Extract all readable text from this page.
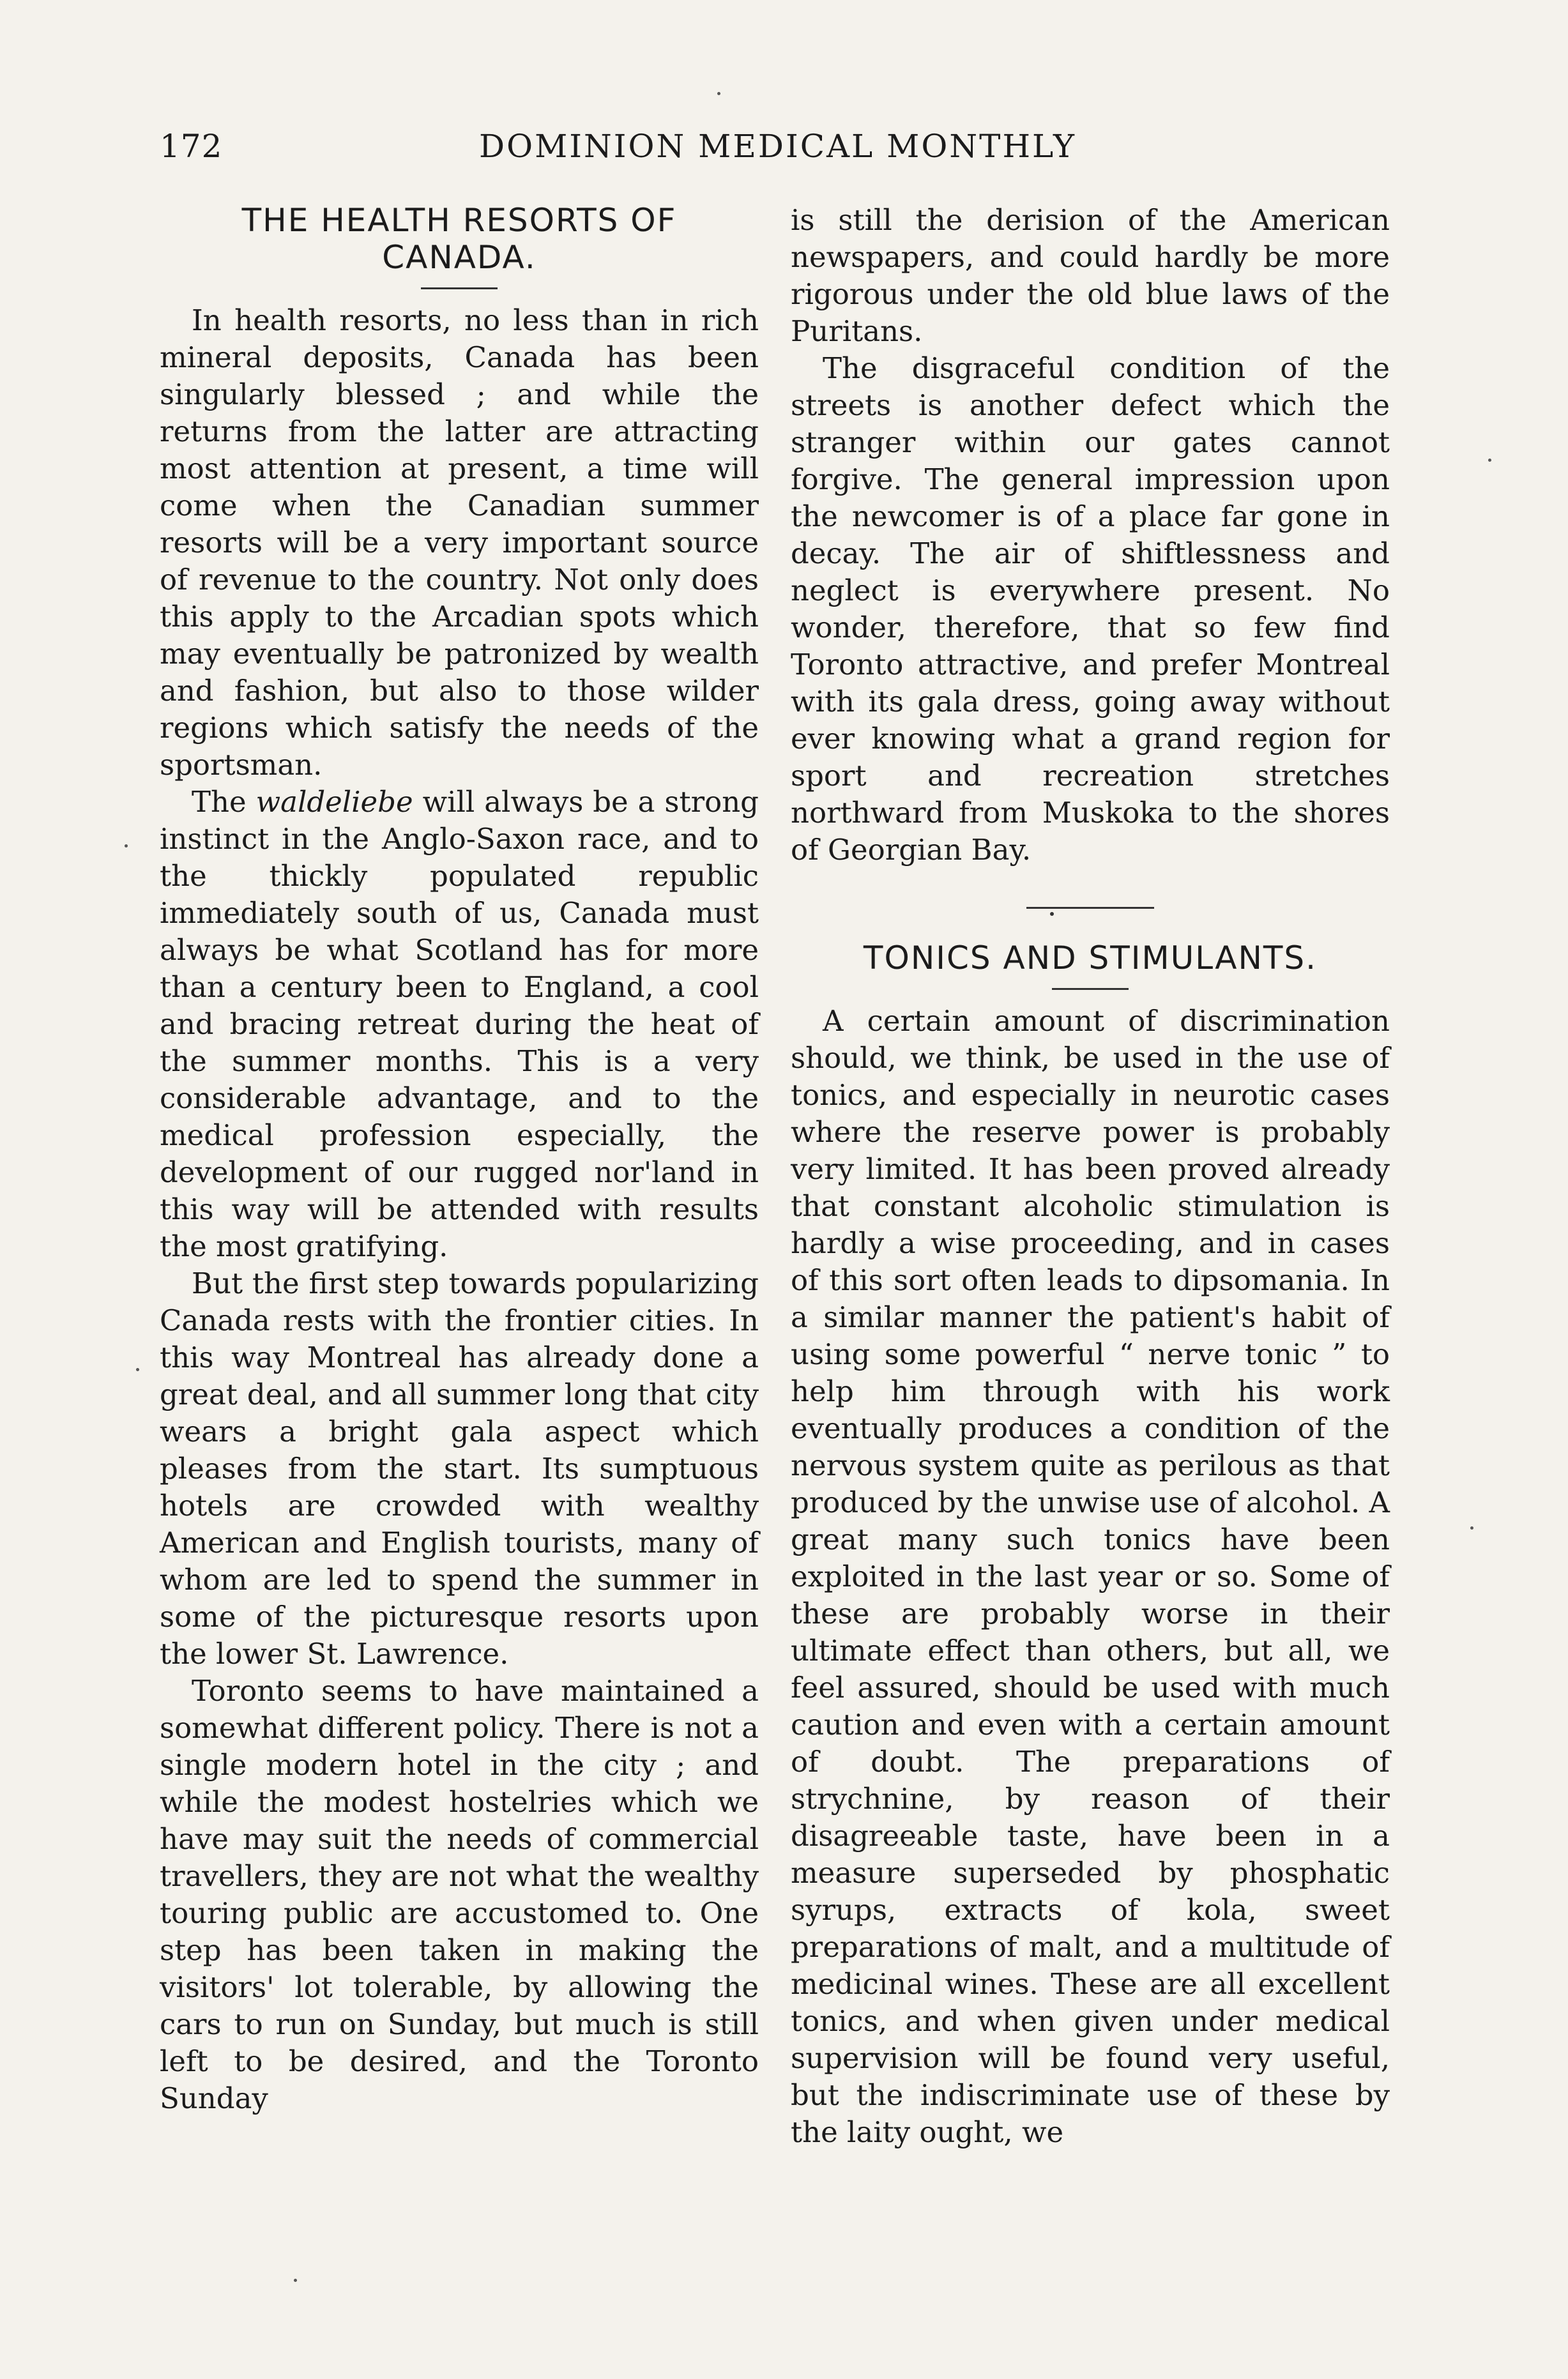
172	DOMINION MEDICAL MONTHLY
THE HEALTH RESORTS OF CANADA.

In health resorts, no less than in rich mineral deposits, Canada has been singularly blessed ; and while the returns from the latter are attracting most attention at present, a time will come when the Canadian summer resorts will be a very important source of revenue to the country. Not only does this apply to the Arcadian spots which may eventually be patronized by wealth and fashion, but also to those wilder regions which satisfy the needs of the sportsman.

The waldeliebe will always be a strong instinct in the Anglo-Saxon race, and to the thickly populated republic immediately south of us, Canada must always be what Scotland has for more than a century been to England, a cool and bracing retreat during the heat of the summer months. This is a very considerable advantage, and to the medical profession especially, the development of our rugged nor'land in this way will be attended with results the most gratifying.

But the first step towards popularizing Canada rests with the frontier cities. In this way Montreal has already done a great deal, and all summer long that city wears a bright gala aspect which pleases from the start. Its sumptuous hotels are crowded with wealthy American and English tourists, many of whom are led to spend the summer in some of the picturesque resorts upon the lower St. Lawrence.

Toronto seems to have maintained a somewhat different policy. There is not a single modern hotel in the city ; and while the modest hostelries which we have may suit the needs of commercial travellers, they are not what the wealthy touring public are accustomed to. One step has been taken in making the visitors' lot tolerable, by allowing the cars to run on Sunday, but much is still left to be desired, and the Toronto Sunday

is still the derision of the American newspapers, and could hardly be more rigorous under the old blue laws of the Puritans.

The disgraceful condition of the streets is another defect which the stranger within our gates cannot forgive. The general impression upon the newcomer is of a place far gone in decay. The air of shiftlessness and neglect is everywhere present. No wonder, therefore, that so few find Toronto attractive, and prefer Montreal with its gala dress, going away without ever knowing what a grand region for sport and recreation stretches northward from Muskoka to the shores of Georgian Bay.

TONICS AND STIMULANTS.

A certain amount of discrimination should, we think, be used in the use of tonics, and especially in neurotic cases where the reserve power is probably very limited. It has been proved already that constant alcoholic stimulation is hardly a wise proceeding, and in cases of this sort often leads to dipsomania. In a similar manner the patient's habit of using some powerful “ nerve tonic ” to help him through with his work eventually produces a condition of the nervous system quite as perilous as that produced by the unwise use of alcohol. A great many such tonics have been exploited in the last year or so. Some of these are probably worse in their ultimate effect than others, but all, we feel assured, should be used with much caution and even with a certain amount of doubt. The preparations of strychnine, by reason of their disagreeable taste, have been in a measure superseded by phosphatic syrups, extracts of kola, sweet preparations of malt, and a multitude of medicinal wines. These are all excellent tonics, and when given under medical supervision will be found very useful, but the indiscriminate use of these by the laity ought, we
